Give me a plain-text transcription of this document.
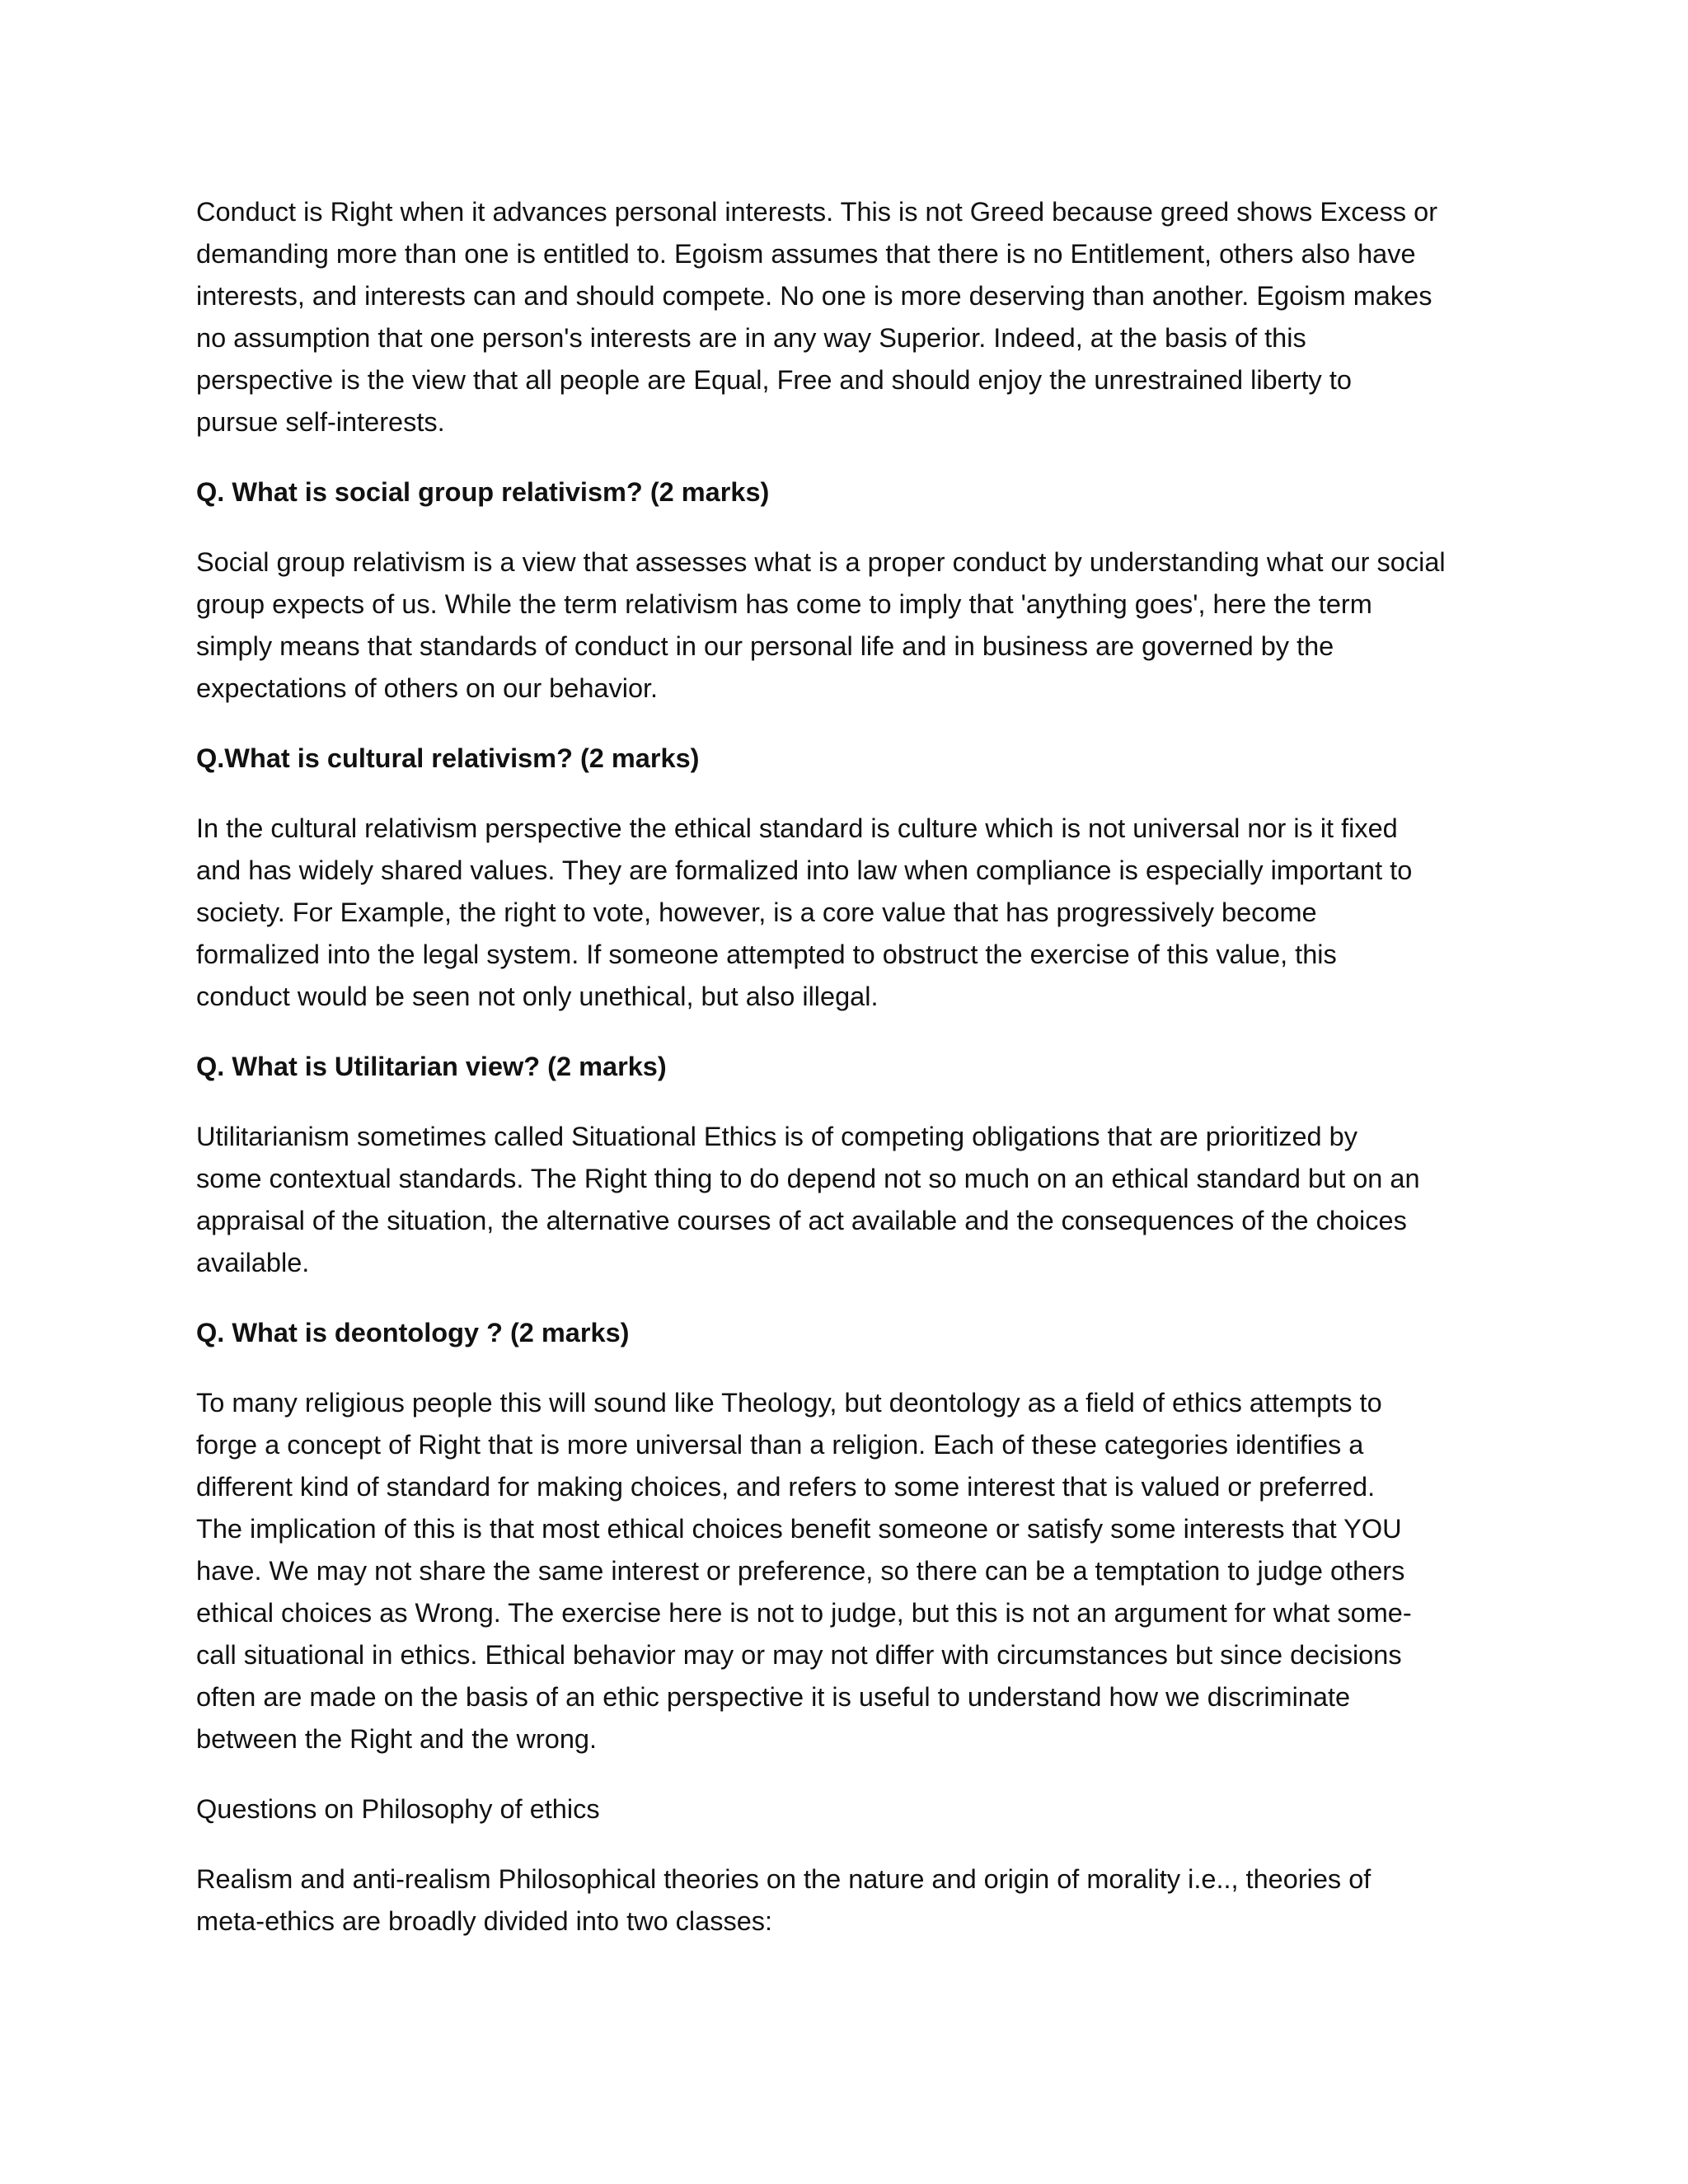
Conduct is Right when it advances personal interests. This is not Greed because greed shows Excess or
demanding more than one is entitled to. Egoism assumes that there is no Entitlement, others also have
interests, and interests can and should compete. No one is more deserving than another. Egoism makes
no assumption that one person's interests are in any way Superior. Indeed, at the basis of this
perspective is the view that all people are Equal, Free and should enjoy the unrestrained liberty to
pursue self-interests.
Q. What is social group relativism? (2 marks)
Social group relativism is a view that assesses what is a proper conduct by understanding what our social
group expects of us. While the term relativism has come to imply that 'anything goes', here the term
simply means that standards of conduct in our personal life and in business are governed by the
expectations of others on our behavior.
Q.What is cultural relativism? (2 marks)
In the cultural relativism perspective the ethical standard is culture which is not universal nor is it fixed
and has widely shared values. They are formalized into law when compliance is especially important to
society. For Example, the right to vote, however, is a core value that has progressively become
formalized into the legal system. If someone attempted to obstruct the exercise of this value, this
conduct would be seen not only unethical, but also illegal.
Q. What is Utilitarian view? (2 marks)
Utilitarianism sometimes called Situational Ethics is of competing obligations that are prioritized by
some contextual standards. The Right thing to do depend not so much on an ethical standard but on an
appraisal of the situation, the alternative courses of act available and the consequences of the choices
available.
Q. What is deontology ? (2 marks)
To many religious people this will sound like Theology, but deontology as a field of ethics attempts to
forge a concept of Right that is more universal than a religion. Each of these categories identifies a
different kind of standard for making choices, and refers to some interest that is valued or preferred.
The implication of this is that most ethical choices benefit someone or satisfy some interests that YOU
have. We may not share the same interest or preference, so there can be a temptation to judge others
ethical choices as Wrong. The exercise here is not to judge, but this is not an argument for what some-
call situational in ethics. Ethical behavior may or may not differ with circumstances but since decisions
often are made on the basis of an ethic perspective it is useful to understand how we discriminate
between the Right and the wrong.
Questions on Philosophy of ethics
Realism and anti-realism Philosophical theories on the nature and origin of morality i.e.., theories of
meta-ethics are broadly divided into two classes:
